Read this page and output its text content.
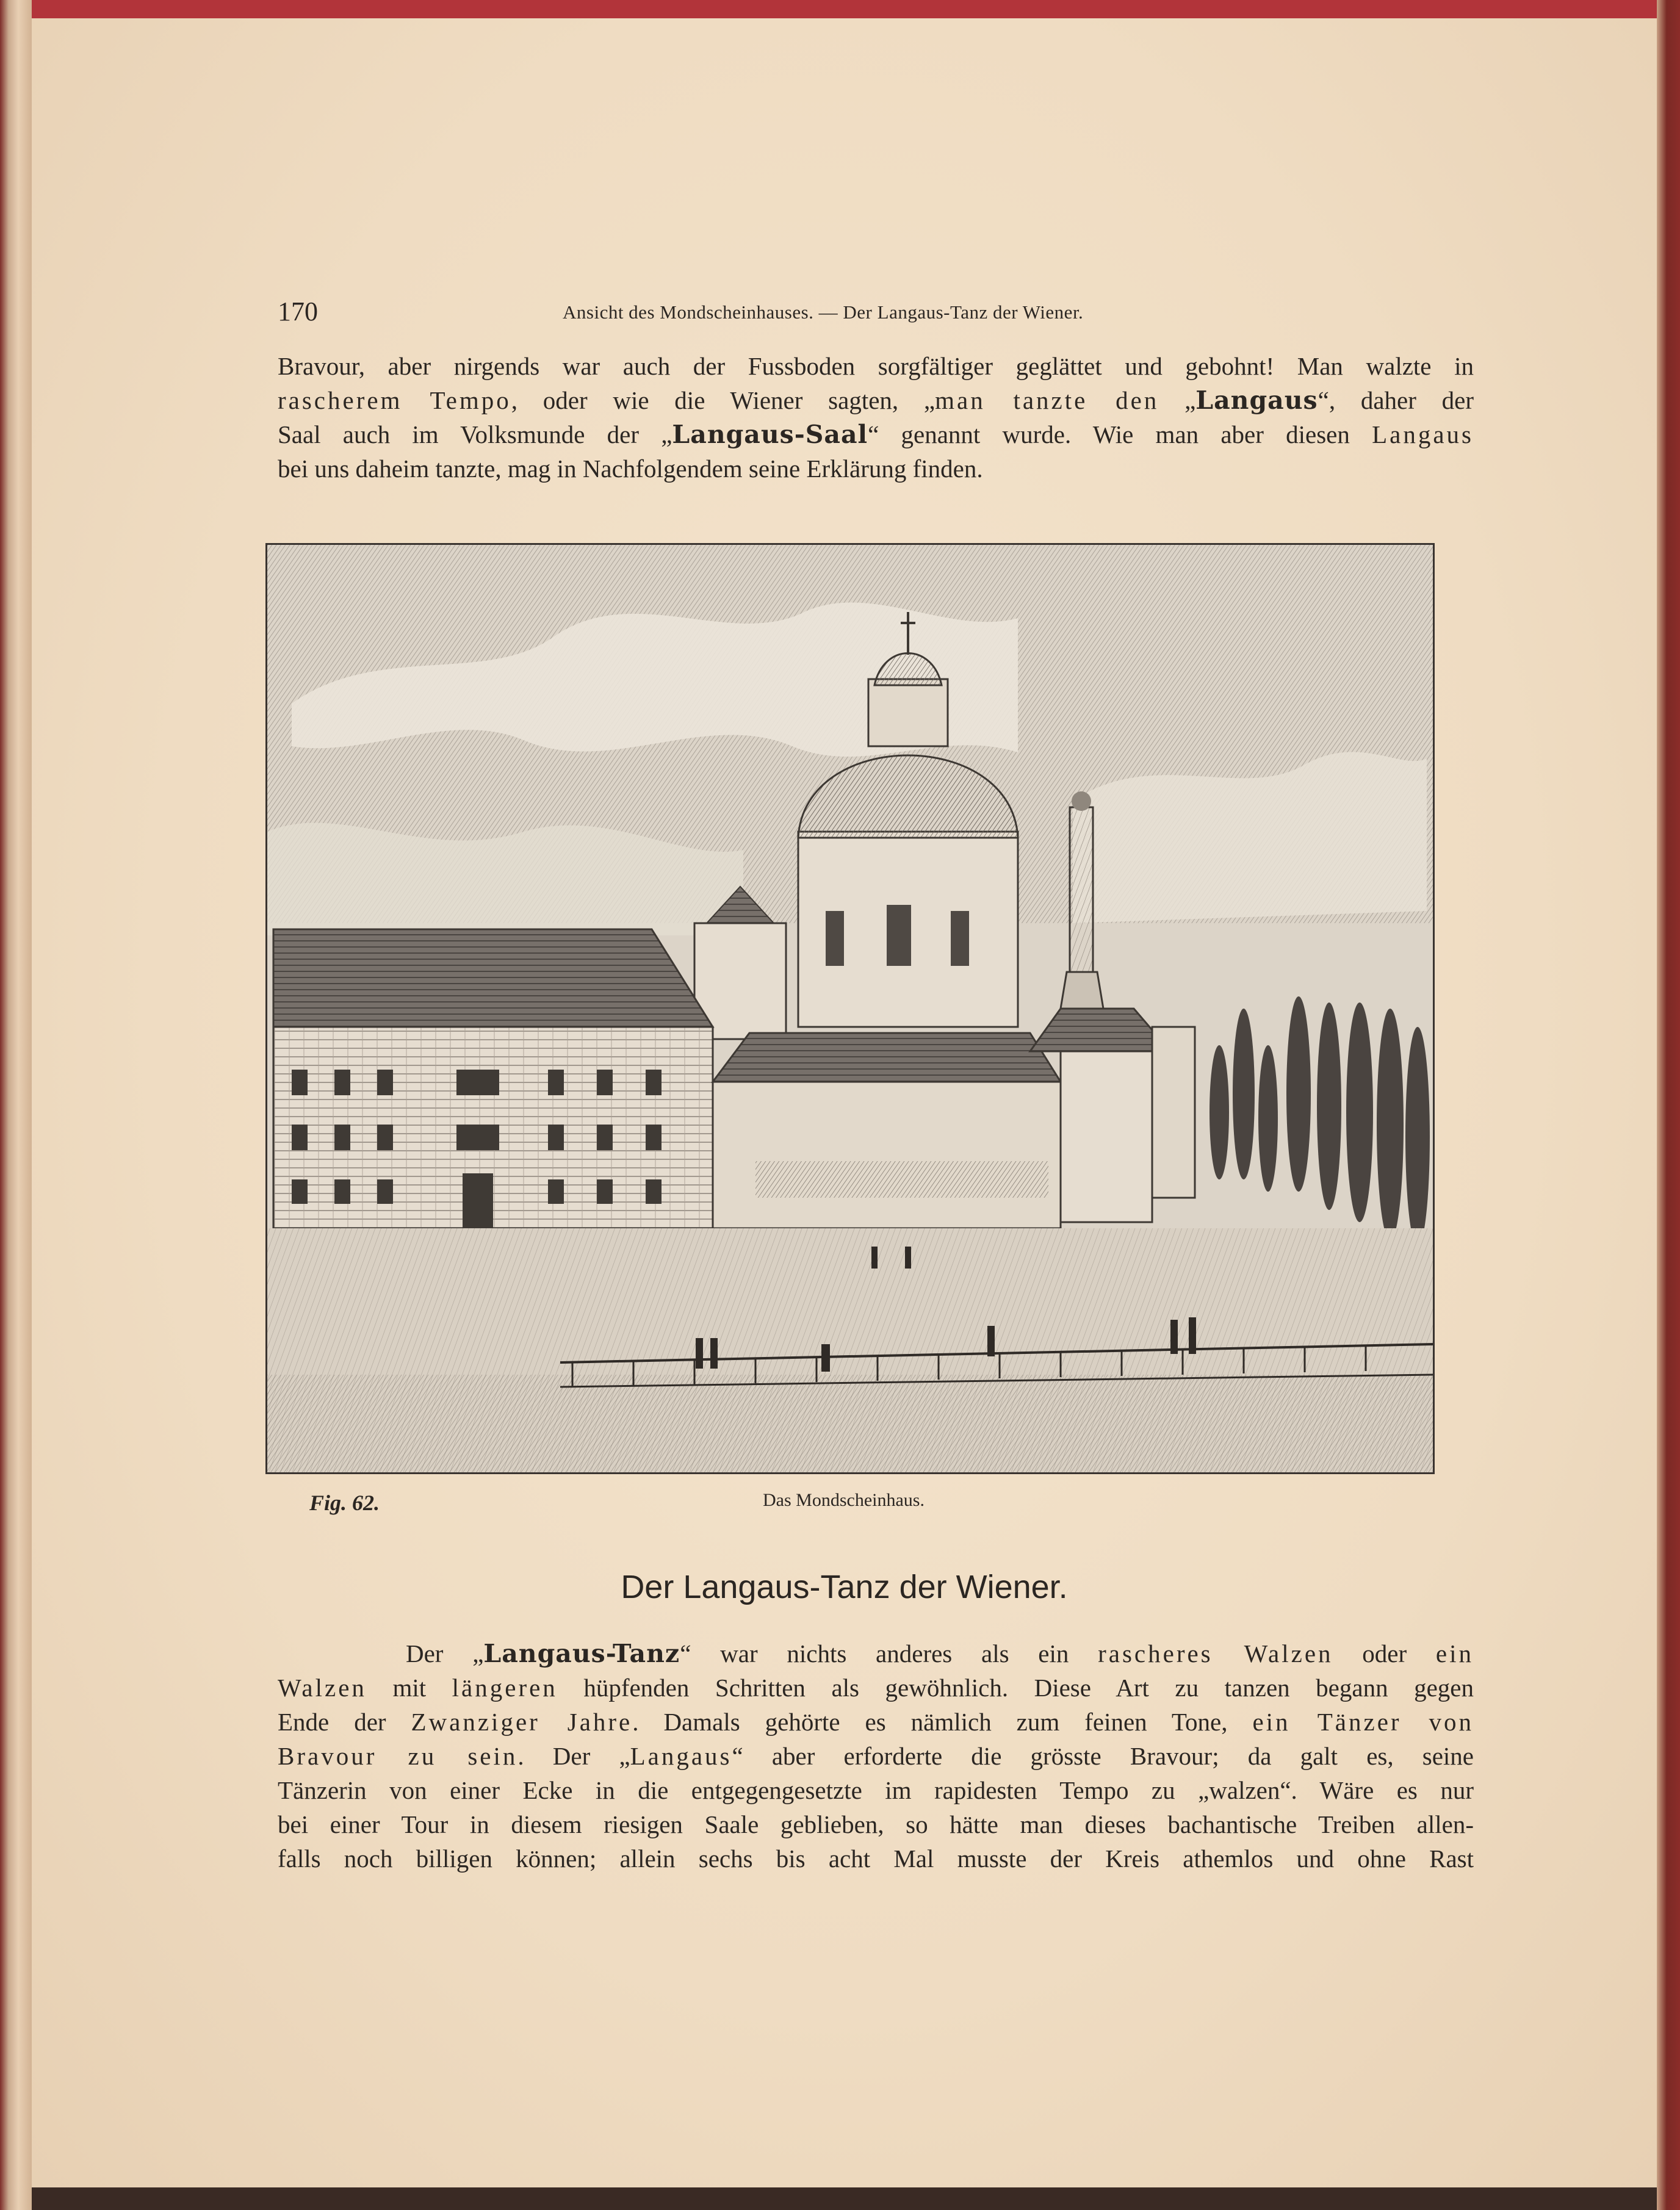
170	Ansicht des Mondscheinhauses. — Der Langaus-Tanz der Wiener.
Bravour, aber nirgends war auch der Fussboden sorgfältiger geglättet und gebohnt! Man walzte in
rascherem Tempo, oder wie die Wiener sagten, „man tanzte den „Langaus“, daher der
Saal auch im Volksmunde der „Langaus-Saal“ genannt wurde. Wie man aber diesen Langaus
bei uns daheim tanzte, mag in Nachfolgendem seine Erklärung finden.
Fig. 62.	Das Mondscheinhaus.
Der Langaus-Tanz der Wiener.
Der „Langaus-Tanz“ war nichts anderes als ein rascheres Walzen oder ein
Walzen mit längeren hüpfenden Schritten als gewöhnlich. Diese Art zu tanzen begann gegen
Ende der Zwanziger Jahre. Damals gehörte es nämlich zum feinen Tone, ein Tänzer von
Bravour zu sein. Der „Langaus“ aber erforderte die grösste Bravour; da galt es, seine
Tänzerin von einer Ecke in die entgegengesetzte im rapidesten Tempo zu „walzen“. Wäre es nur
bei einer Tour in diesem riesigen Saale geblieben, so hätte man dieses bachantische Treiben allen-
falls noch billigen können; allein sechs bis acht Mal musste der Kreis athemlos und ohne Rast
